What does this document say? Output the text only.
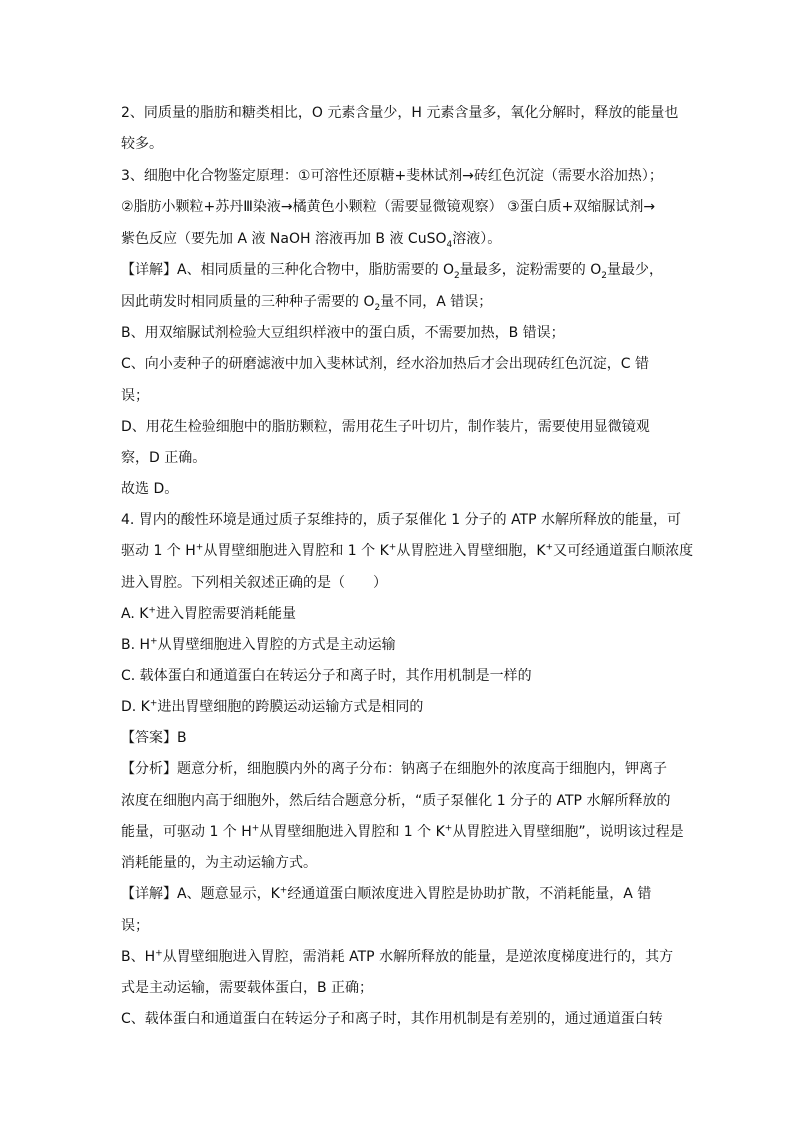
2、同质量的脂肪和糖类相比，O 元素含量少，H 元素含量多，氧化分解时，释放的能量也
较多。
3、细胞中化合物鉴定原理：①可溶性还原糖+斐林试剂→砖红色沉淀（需要水浴加热）；
②脂肪小颗粒+苏丹Ⅲ染液→橘黄色小颗粒（需要显微镜观察） ③蛋白质+双缩脲试剂→
紫色反应（要先加 A 液 NaOH 溶液再加 B 液 CuSO$_4$溶液）。
【详解】A、相同质量的三种化合物中，脂肪需要的 $O_2$量最多，淀粉需要的 $O_2$量最少，
因此萌发时相同质量的三种种子需要的 $O_2$量不同，A 错误；
B、用双缩脲试剂检验大豆组织样液中的蛋白质，不需要加热，B 错误；
C、向小麦种子的研磨滤液中加入斐林试剂，经水浴加热后才会出现砖红色沉淀，C 错
误；
D、用花生检验细胞中的脂肪颗粒，需用花生子叶切片，制作装片，需要使用显微镜观
察，D 正确。
故选 D。
4. 胃内的酸性环境是通过质子泵维持的，质子泵催化 1 分子的 ATP 水解所释放的能量，可
驱动 1 个 H+从胃壁细胞进入胃腔和 1 个 K+从胃腔进入胃壁细胞，K+又可经通道蛋白顺浓度
进入胃腔。下列相关叙述正确的是（　　）
A. K+进入胃腔需要消耗能量
B. H+从胃壁细胞进入胃腔的方式是主动运输
C. 载体蛋白和通道蛋白在转运分子和离子时，其作用机制是一样的
D. K+进出胃壁细胞的跨膜运动运输方式是相同的
【答案】B
【分析】题意分析，细胞膜内外的离子分布：钠离子在细胞外的浓度高于细胞内，钾离子
浓度在细胞内高于细胞外，然后结合题意分析，“质子泵催化 1 分子的 ATP 水解所释放的
能量，可驱动 1 个 H+从胃壁细胞进入胃腔和 1 个 K+从胃腔进入胃壁细胞”，说明该过程是
消耗能量的，为主动运输方式。
【详解】A、题意显示，K+经通道蛋白顺浓度进入胃腔是协助扩散，不消耗能量，A 错
误；
B、H+从胃壁细胞进入胃腔，需消耗 ATP 水解所释放的能量，是逆浓度梯度进行的，其方
式是主动运输，需要载体蛋白，B 正确；
C、载体蛋白和通道蛋白在转运分子和离子时，其作用机制是有差别的，通过通道蛋白转
